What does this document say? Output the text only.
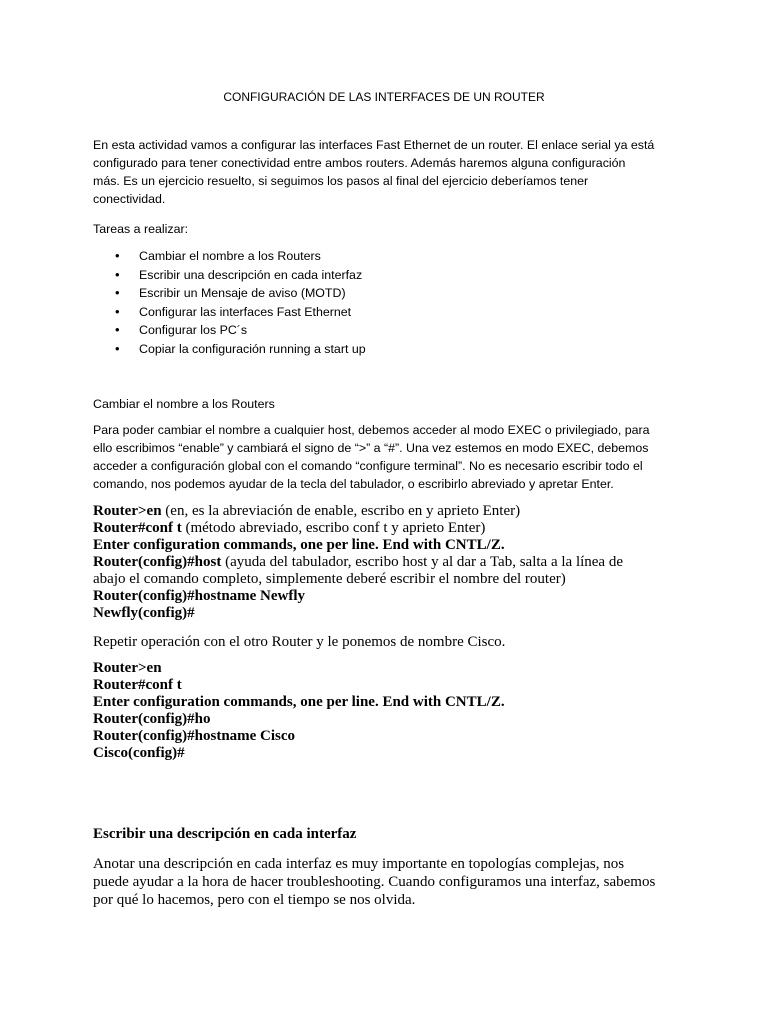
CONFIGURACIÓN DE LAS INTERFACES DE UN ROUTER
En esta actividad vamos a configurar las interfaces Fast Ethernet de un router. El enlace serial ya está
configurado para tener conectividad entre ambos routers. Además haremos alguna configuración
más. Es un ejercicio resuelto, si seguimos los pasos al final del ejercicio deberíamos tener
conectividad.
Tareas a realizar:
• Cambiar el nombre a los Routers
• Escribir una descripción en cada interfaz
• Escribir un Mensaje de aviso (MOTD)
• Configurar las interfaces Fast Ethernet
• Configurar los PC´s
• Copiar la configuración running a start up
Cambiar el nombre a los Routers
Para poder cambiar el nombre a cualquier host, debemos acceder al modo EXEC o privilegiado, para
ello escribimos “enable” y cambiará el signo de “>” a “#”. Una vez estemos en modo EXEC, debemos
acceder a configuración global con el comando “configure terminal”. No es necesario escribir todo el
comando, nos podemos ayudar de la tecla del tabulador, o escribirlo abreviado y apretar Enter.
Router>en (en, es la abreviación de enable, escribo en y aprieto Enter)
Router#conf t (método abreviado, escribo conf t y aprieto Enter)
Enter configuration commands, one per line. End with CNTL/Z.
Router(config)#host (ayuda del tabulador, escribo host y al dar a Tab, salta a la línea de
abajo el comando completo, simplemente deberé escribir el nombre del router)
Router(config)#hostname Newfly
Newfly(config)#
Repetir operación con el otro Router y le ponemos de nombre Cisco.
Router>en
Router#conf t
Enter configuration commands, one per line. End with CNTL/Z.
Router(config)#ho
Router(config)#hostname Cisco
Cisco(config)#
Escribir una descripción en cada interfaz
Anotar una descripción en cada interfaz es muy importante en topologías complejas, nos
puede ayudar a la hora de hacer troubleshooting. Cuando configuramos una interfaz, sabemos
por qué lo hacemos, pero con el tiempo se nos olvida.
